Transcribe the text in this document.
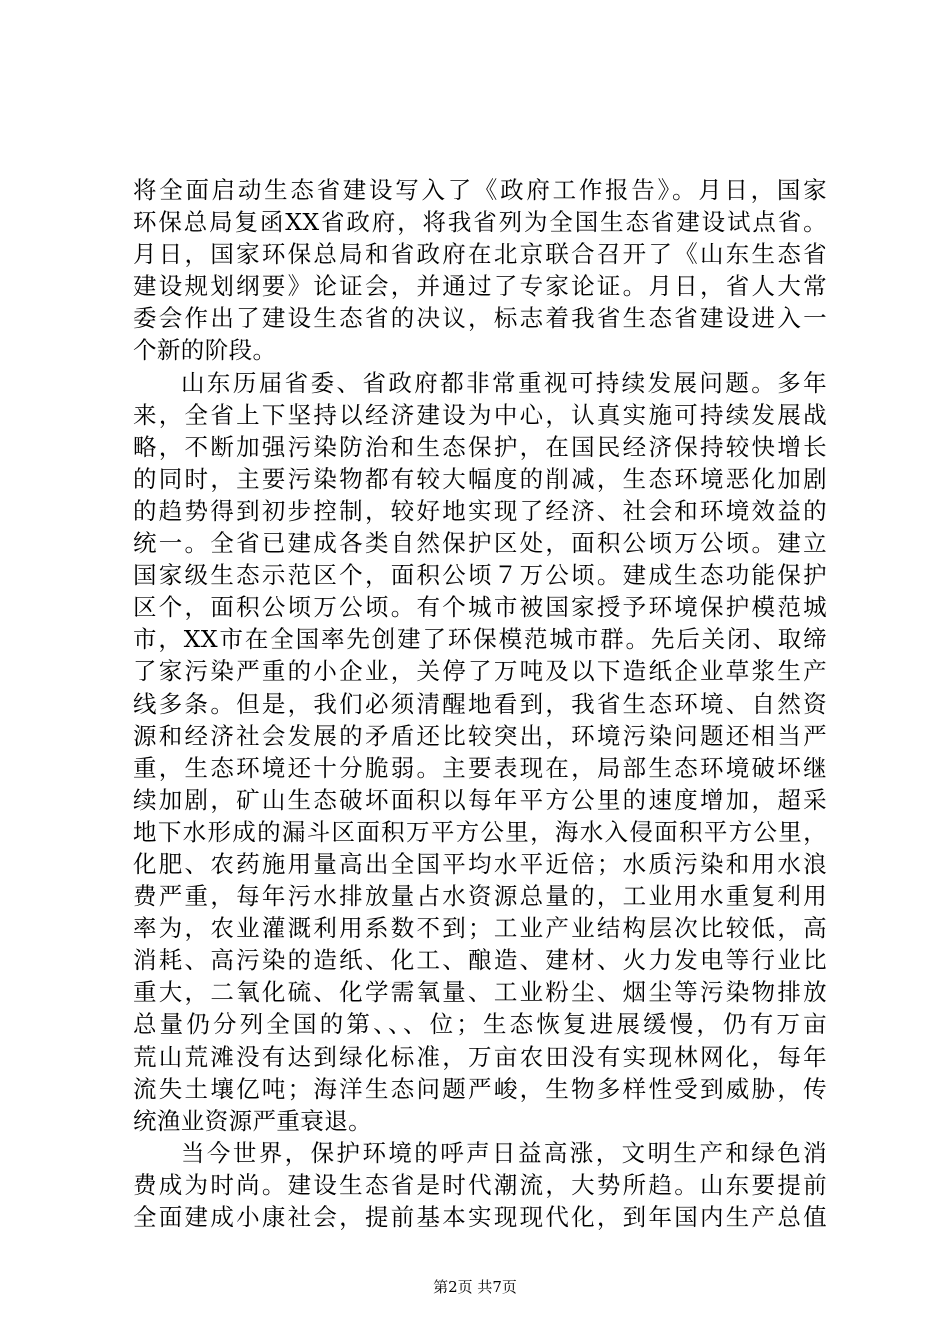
将全面启动生态省建设写入了《政府工作报告》。月日，国家
环保总局复函XX省政府，将我省列为全国生态省建设试点省。
月日，国家环保总局和省政府在北京联合召开了《山东生态省
建设规划纲要》论证会，并通过了专家论证。月日，省人大常
委会作出了建设生态省的决议，标志着我省生态省建设进入一
个新的阶段。
山东历届省委、省政府都非常重视可持续发展问题。多年
来，全省上下坚持以经济建设为中心，认真实施可持续发展战
略，不断加强污染防治和生态保护，在国民经济保持较快增长
的同时，主要污染物都有较大幅度的削减，生态环境恶化加剧
的趋势得到初步控制，较好地实现了经济、社会和环境效益的
统一。全省已建成各类自然保护区处，面积公顷万公顷。建立
国家级生态示范区个，面积公顷７万公顷。建成生态功能保护
区个，面积公顷万公顷。有个城市被国家授予环境保护模范城
市，XX市在全国率先创建了环保模范城市群。先后关闭、取缔
了家污染严重的小企业，关停了万吨及以下造纸企业草浆生产
线多条。但是，我们必须清醒地看到，我省生态环境、自然资
源和经济社会发展的矛盾还比较突出，环境污染问题还相当严
重，生态环境还十分脆弱。主要表现在，局部生态环境破坏继
续加剧，矿山生态破坏面积以每年平方公里的速度增加，超采
地下水形成的漏斗区面积万平方公里，海水入侵面积平方公里，
化肥、农药施用量高出全国平均水平近倍；水质污染和用水浪
费严重，每年污水排放量占水资源总量的，工业用水重复利用
率为，农业灌溉利用系数不到；工业产业结构层次比较低，高
消耗、高污染的造纸、化工、酿造、建材、火力发电等行业比
重大，二氧化硫、化学需氧量、工业粉尘、烟尘等污染物排放
总量仍分列全国的第、、、位；生态恢复进展缓慢，仍有万亩
荒山荒滩没有达到绿化标准，万亩农田没有实现林网化，每年
流失土壤亿吨；海洋生态问题严峻，生物多样性受到威胁，传
统渔业资源严重衰退。
当今世界，保护环境的呼声日益高涨，文明生产和绿色消
费成为时尚。建设生态省是时代潮流，大势所趋。山东要提前
全面建成小康社会，提前基本实现现代化，到年国内生产总值
第2页 共7页
